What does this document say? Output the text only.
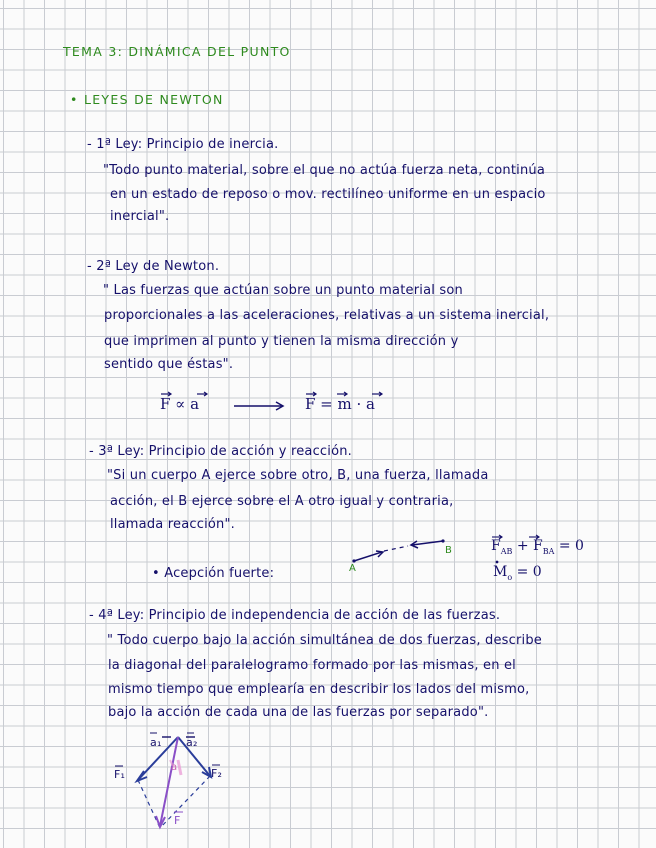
TEMA 3: DINÁMICA DEL PUNTO
• LEYES DE NEWTON
- 1ª Ley: Principio de inercia.
"Todo punto material, sobre el que no actúa fuerza neta, continúa
en un estado de reposo o mov. rectilíneo uniforme en un espacio
inercial".
- 2ª Ley de Newton.
" Las fuerzas que actúan sobre un punto material son
proporcionales a las aceleraciones, relativas a un sistema inercial,
que imprimen al punto y tienen la misma dirección y
sentido que éstas".
F ∝ a	F = m · a
- 3ª Ley: Principio de acción y reacción.
"Si un cuerpo A ejerce sobre otro, B, una fuerza, llamada
acción, el B ejerce sobre el A otro igual y contraria,
llamada reacción".
• Acepción fuerte:	A
B	$F_{AB} + F_{BA} = 0$
$M_o = 0$
- 4ª Ley: Principio de independencia de acción de las fuerzas.
" Todo cuerpo bajo la acción simultánea de dos fuerzas, describe
la diagonal del paralelogramo formado por las mismas, en el
mismo tiempo que emplearía en describir los lados del mismo,
bajo la acción de cada una de las fuerzas por separado".
a₁ a₂
F₁	F₂
F
a
